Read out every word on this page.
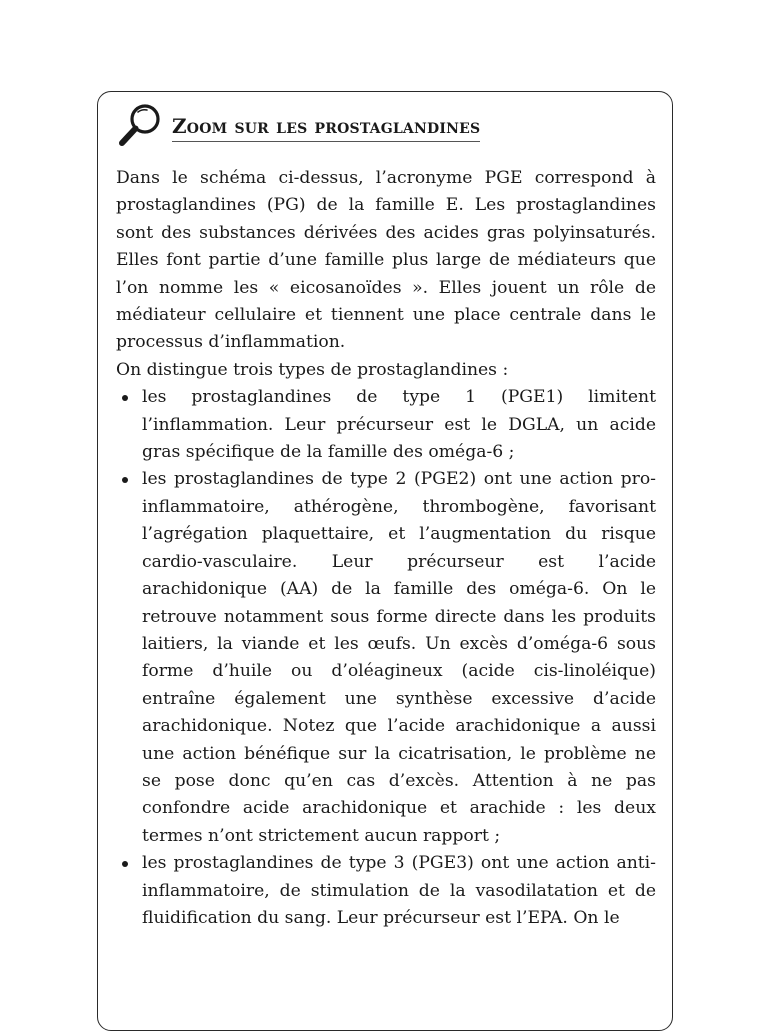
Zoom sur les prostaglandines

Dans le schéma ci-dessus, l’acronyme PGE correspond à prostaglandines (PG) de la famille E. Les prostaglandines sont des substances dérivées des acides gras polyinsaturés. Elles font partie d’une famille plus large de médiateurs que l’on nomme les « eicosanoïdes ». Elles jouent un rôle de médiateur cellulaire et tiennent une place centrale dans le processus d’inflammation.

On distingue trois types de prostaglandines :

les prostaglandines de type 1 (PGE1) limitent l’inflammation. Leur précurseur est le DGLA, un acide gras spécifique de la famille des oméga-6 ;
les prostaglandines de type 2 (PGE2) ont une action pro-inflammatoire, athérogène, thrombogène, favorisant l’agrégation plaquettaire, et l’augmentation du risque cardio-vasculaire. Leur précurseur est l’acide arachidonique (AA) de la famille des oméga-6. On le retrouve notamment sous forme directe dans les produits laitiers, la viande et les œufs. Un excès d’oméga-6 sous forme d’huile ou d’oléagineux (acide cis-linoléique) entraîne également une synthèse excessive d’acide arachidonique. Notez que l’acide arachidonique a aussi une action bénéfique sur la cicatrisation, le problème ne se pose donc qu’en cas d’excès. Attention à ne pas confondre acide arachidonique et arachide : les deux termes n’ont strictement aucun rapport ;
les prostaglandines de type 3 (PGE3) ont une action anti-inflammatoire, de stimulation de la vasodilatation et de fluidification du sang. Leur précurseur est l’EPA. On le
